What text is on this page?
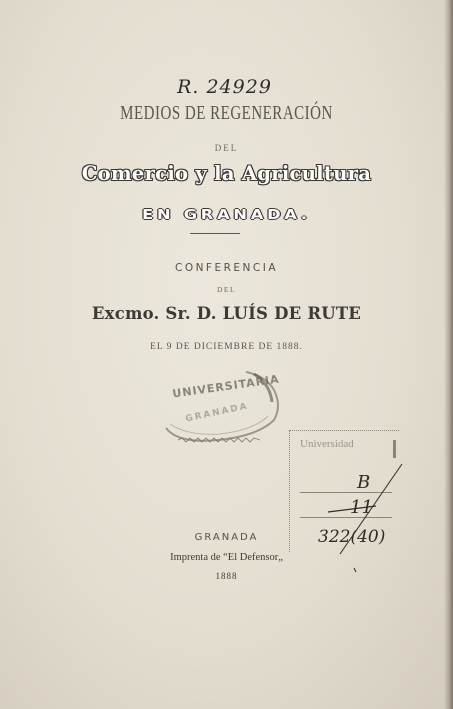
R. 24929
MEDIOS DE REGENERACIÓN
DEL
Comercio y la Agricultura
EN GRANADA.
CONFERENCIA
DEL
Excmo. Sr. D. LUÍS DE RUTE
EL 9 DE DICIEMBRE DE 1888.
UNIVERSITARIA
GRANADA
Universidad
B
11
322(40)
GRANADA
Imprenta de “El Defensor„
1888
